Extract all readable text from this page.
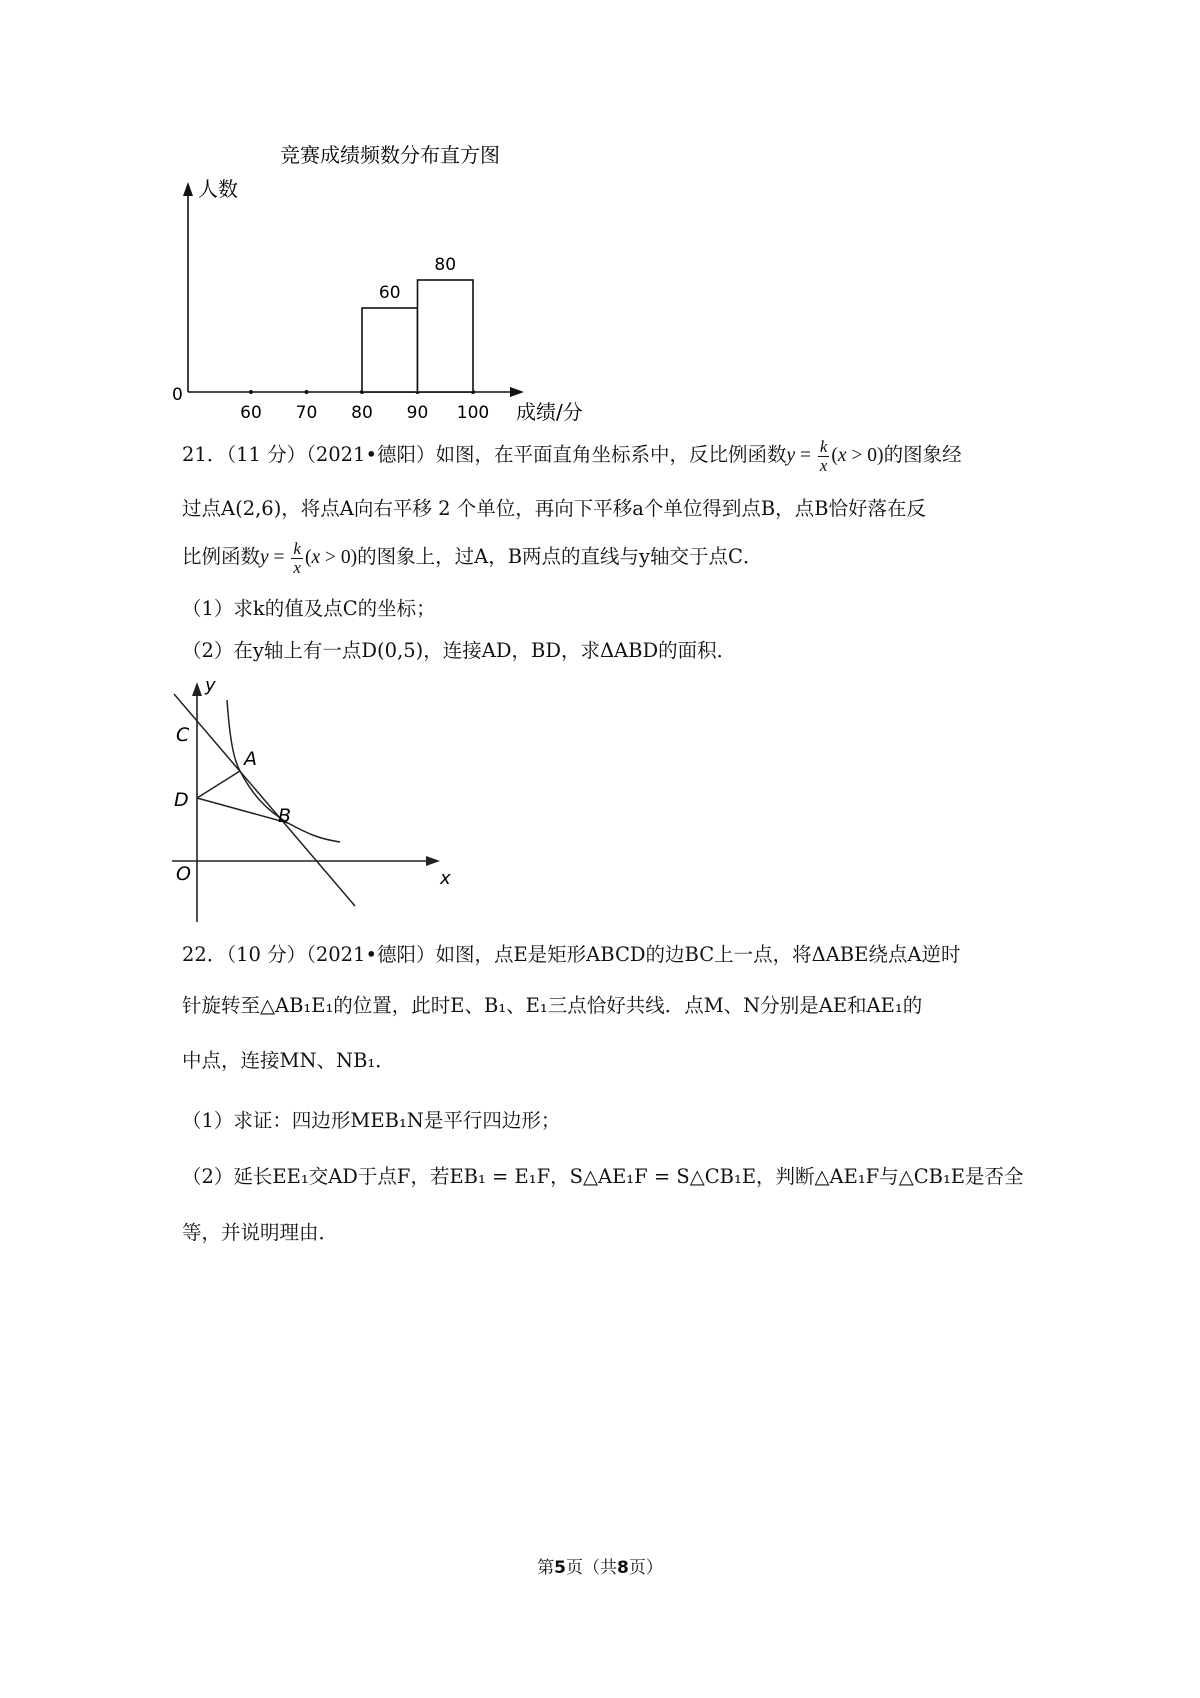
竞赛成绩频数分布直方图
人数
成绩/分
0
60 70 80 90 100
60
80
21．（11 分）（2021•德阳）如图，在平面直角坐标系中，反比例函数$y = \frac{k}{x} (x > 0)$的图象经
过点A(2,6)，将点A向右平移 2 个单位，再向下平移a个单位得到点B，点B恰好落在反
比例函数$y = \frac{k}{x} (x > 0)$的图象上，过A，B两点的直线与y轴交于点C．
（1）求k的值及点C的坐标；
（2）在y轴上有一点D(0,5)，连接AD，BD，求ΔABD的面积．
y
C
A
D
B
O	x
22．（10 分）（2021•德阳）如图，点E是矩形ABCD的边BC上一点，将ΔABE绕点A逆时
针旋转至△AB₁E₁的位置，此时E、B₁、E₁三点恰好共线．点M、N分别是AE和AE₁的
中点，连接MN、NB₁．
（1）求证：四边形MEB₁N是平行四边形；
（2）延长EE₁交AD于点F，若EB₁ = E₁F，S△AE₁F = S△CB₁E，判断△AE₁F与△CB₁E是否全
等，并说明理由．
第5页（共8页）
